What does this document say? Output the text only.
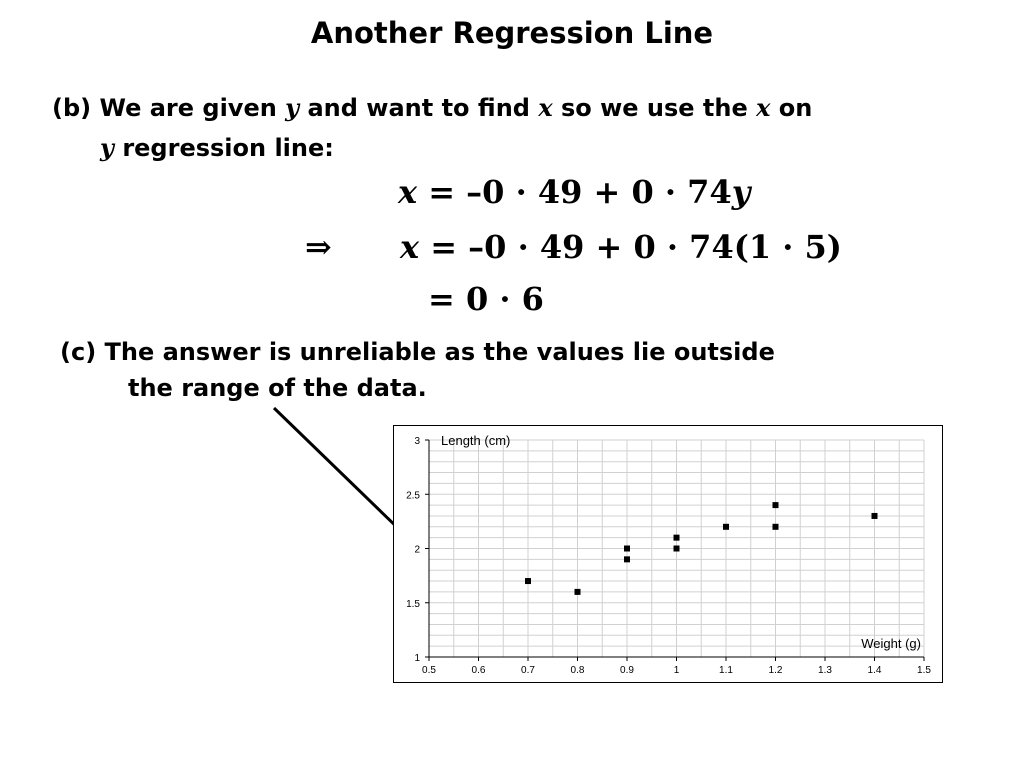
Another Regression Line
(b) We are given y and want to find x so we use the x on
y regression line:
x = –0 · 49 + 0 · 74y
⇒ x = –0 · 49 + 0 · 74(1 · 5)
= 0 · 6
(c) The answer is unreliable as the values lie outside
the range of the data.
0.5	0.6	0.7	0.8	0.9	1	1.1	1.2	1.3	1.4	1.5
1
1.5
2
2.5
3 Length (cm)
Weight (g)
